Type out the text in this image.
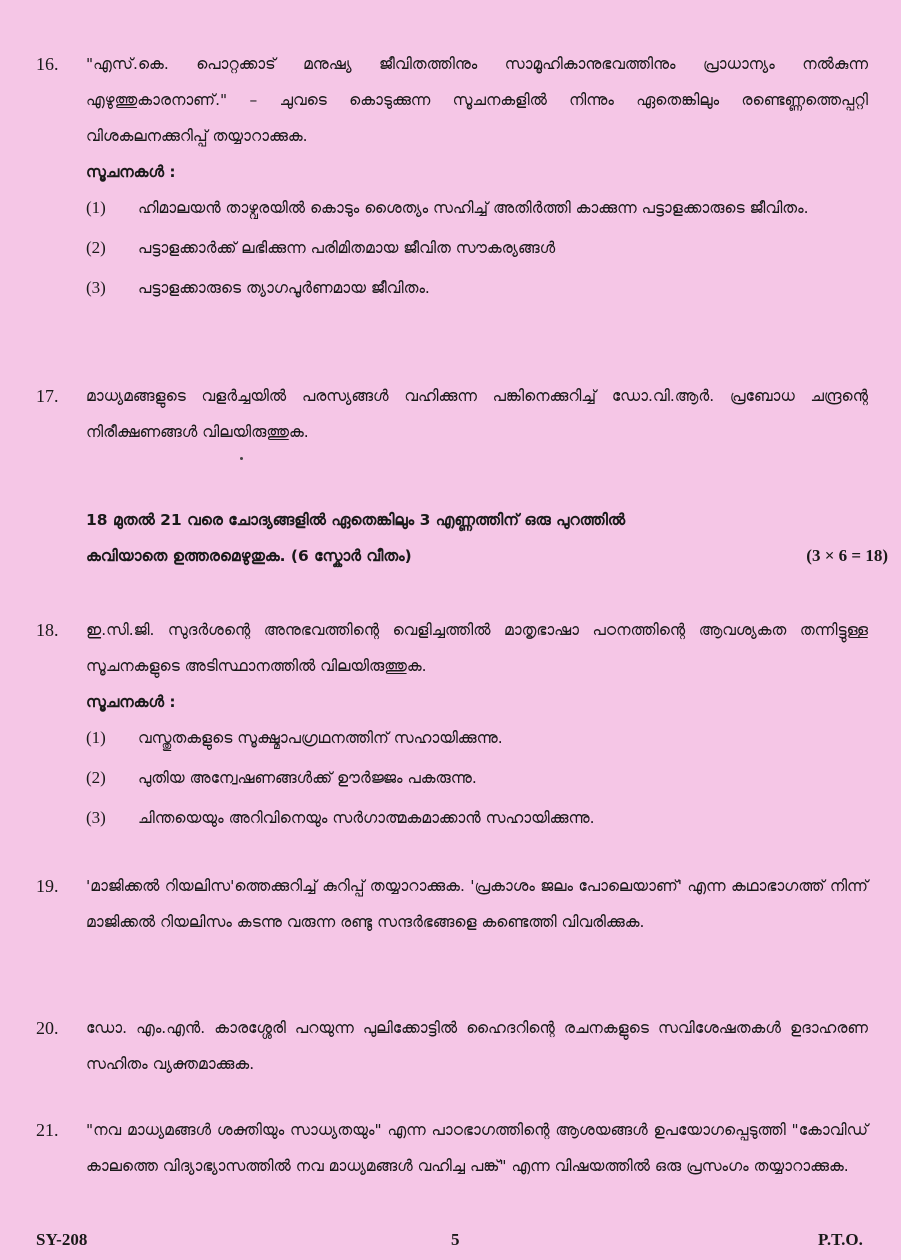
16. "എസ്.കെ. പൊറ്റക്കാട് മനുഷ്യ ജീവിതത്തിനും സാമൂഹികാനുഭവത്തിനും പ്രാധാന്യം നൽകുന്ന എഴുത്തുകാരനാണ്." – ചുവടെ കൊടുക്കുന്ന സൂചനകളിൽ നിന്നും ഏതെങ്കിലും രണ്ടെണ്ണത്തെപ്പറ്റി വിശകലനക്കുറിപ്പ് തയ്യാറാക്കുക.
സൂചനകൾ :
(1) ഹിമാലയൻ താഴ്വരയിൽ കൊടും ശൈത്യം സഹിച്ച് അതിർത്തി കാക്കുന്ന പട്ടാളക്കാരുടെ ജീവിതം.
(2) പട്ടാളക്കാർക്ക് ലഭിക്കുന്ന പരിമിതമായ ജീവിത സൗകര്യങ്ങൾ
(3) പട്ടാളക്കാരുടെ ത്യാഗപൂർണമായ ജീവിതം.
17. മാധ്യമങ്ങളുടെ വളർച്ചയിൽ പരസ്യങ്ങൾ വഹിക്കുന്ന പങ്കിനെക്കുറിച്ച് ഡോ.വി.ആർ. പ്രബോധ ചന്ദ്രന്റെ നിരീക്ഷണങ്ങൾ വിലയിരുത്തുക.
18 മുതൽ 21 വരെ ചോദ്യങ്ങളിൽ ഏതെങ്കിലും 3 എണ്ണത്തിന് ഒരു പുറത്തിൽ
കവിയാതെ ഉത്തരമെഴുതുക. (6 സ്കോർ വീതം)	(3 × 6 = 18)
18. ഇ.സി.ജി. സുദർശന്റെ അനുഭവത്തിന്റെ വെളിച്ചത്തിൽ മാതൃഭാഷാ പഠനത്തിന്റെ ആവശ്യകത തന്നിട്ടുള്ള സൂചനകളുടെ അടിസ്ഥാനത്തിൽ വിലയിരുത്തുക.
സൂചനകൾ :
(1) വസ്തുതകളുടെ സൂക്ഷ്മാപഗ്രഥനത്തിന് സഹായിക്കുന്നു.
(2) പുതിയ അന്വേഷണങ്ങൾക്ക് ഊർജ്ജം പകരുന്നു.
(3) ചിന്തയെയും അറിവിനെയും സർഗാത്മകമാക്കാൻ സഹായിക്കുന്നു.
19. 'മാജിക്കൽ റിയലിസ'ത്തെക്കുറിച്ച് കുറിപ്പ് തയ്യാറാക്കുക. 'പ്രകാശം ജലം പോലെയാണ്' എന്ന കഥാഭാഗത്ത് നിന്ന് മാജിക്കൽ റിയലിസം കടന്നു വരുന്ന രണ്ടു സന്ദർഭങ്ങളെ കണ്ടെത്തി വിവരിക്കുക.
20. ഡോ. എം.എൻ. കാരശ്ശേരി പറയുന്ന പുലിക്കോട്ടിൽ ഹൈദറിന്റെ രചനകളുടെ സവിശേഷതകൾ ഉദാഹരണ സഹിതം വ്യക്തമാക്കുക.
21. "നവ മാധ്യമങ്ങൾ ശക്തിയും സാധ്യതയും" എന്ന പാഠഭാഗത്തിന്റെ ആശയങ്ങൾ ഉപയോഗപ്പെടുത്തി "കോവിഡ് കാലത്തെ വിദ്യാഭ്യാസത്തിൽ നവ മാധ്യമങ്ങൾ വഹിച്ച പങ്ക്" എന്ന വിഷയത്തിൽ ഒരു പ്രസംഗം തയ്യാറാക്കുക.
SY-208	5	P.T.O.
